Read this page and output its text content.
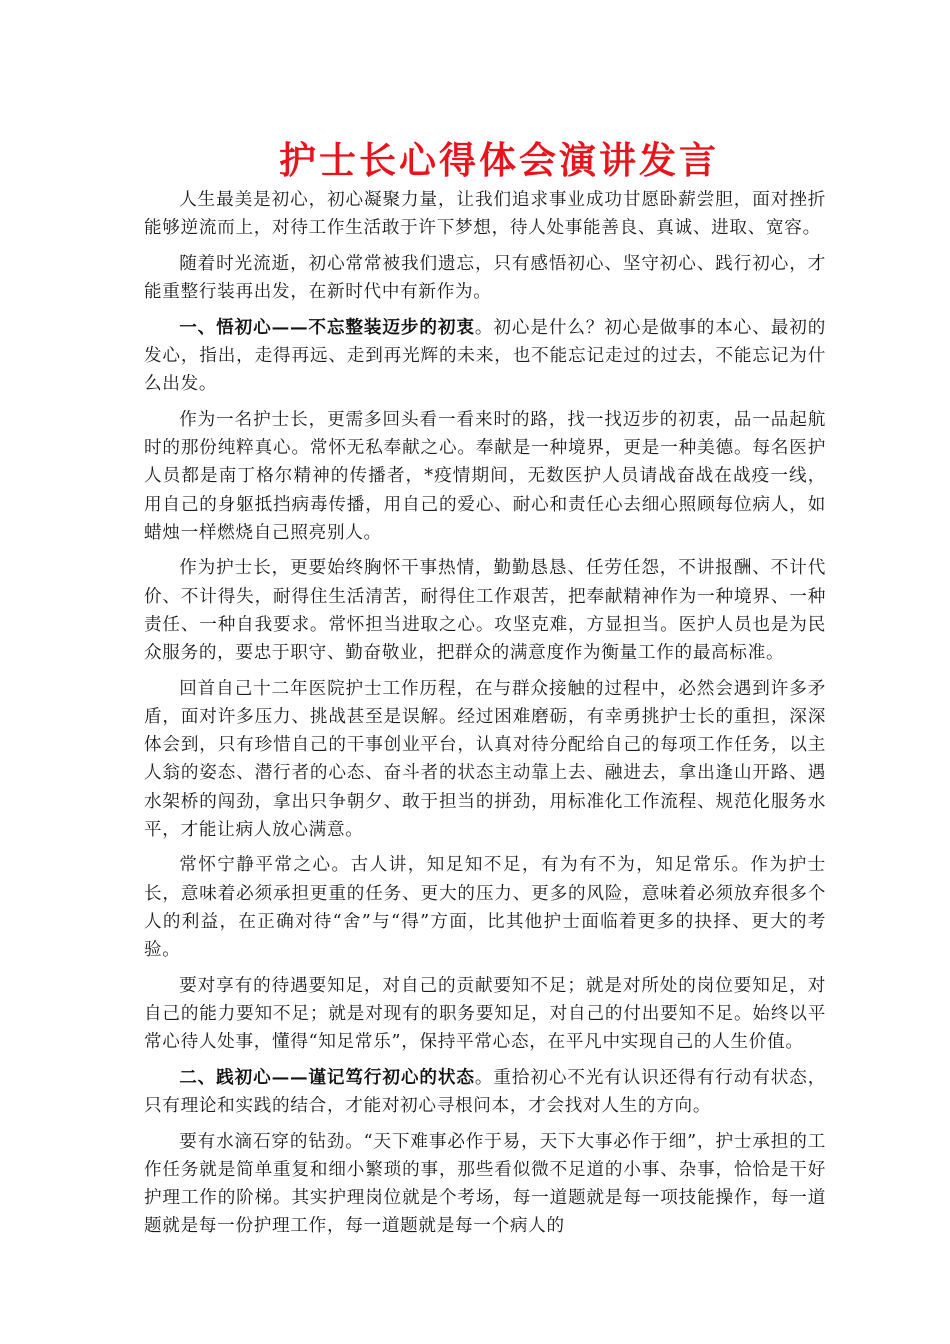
护士长心得体会演讲发言

人生最美是初心，初心凝聚力量，让我们追求事业成功甘愿卧薪尝胆，面对挫折能够逆流而上，对待工作生活敢于许下梦想，待人处事能善良、真诚、进取、宽容。

随着时光流逝，初心常常被我们遗忘，只有感悟初心、坚守初心、践行初心，才能重整行装再出发，在新时代中有新作为。

一、悟初心——不忘整装迈步的初衷。初心是什么？初心是做事的本心、最初的发心，指出，走得再远、走到再光辉的未来，也不能忘记走过的过去，不能忘记为什么出发。

作为一名护士长，更需多回头看一看来时的路，找一找迈步的初衷，品一品起航时的那份纯粹真心。常怀无私奉献之心。奉献是一种境界，更是一种美德。每名医护人员都是南丁格尔精神的传播者，*疫情期间，无数医护人员请战奋战在战疫一线，用自己的身躯抵挡病毒传播，用自己的爱心、耐心和责任心去细心照顾每位病人，如蜡烛一样燃烧自己照亮别人。

作为护士长，更要始终胸怀干事热情，勤勤恳恳、任劳任怨，不讲报酬、不计代价、不计得失，耐得住生活清苦，耐得住工作艰苦，把奉献精神作为一种境界、一种责任、一种自我要求。常怀担当进取之心。攻坚克难，方显担当。医护人员也是为民众服务的，要忠于职守、勤奋敬业，把群众的满意度作为衡量工作的最高标准。

回首自己十二年医院护士工作历程，在与群众接触的过程中，必然会遇到许多矛盾，面对许多压力、挑战甚至是误解。经过困难磨砺，有幸勇挑护士长的重担，深深体会到，只有珍惜自己的干事创业平台，认真对待分配给自己的每项工作任务，以主人翁的姿态、潜行者的心态、奋斗者的状态主动靠上去、融进去，拿出逢山开路、遇水架桥的闯劲，拿出只争朝夕、敢于担当的拼劲，用标准化工作流程、规范化服务水平，才能让病人放心满意。

常怀宁静平常之心。古人讲，知足知不足，有为有不为，知足常乐。作为护士长，意味着必须承担更重的任务、更大的压力、更多的风险，意味着必须放弃很多个人的利益，在正确对待“舍”与“得”方面，比其他护士面临着更多的抉择、更大的考验。

要对享有的待遇要知足，对自己的贡献要知不足；就是对所处的岗位要知足，对自己的能力要知不足；就是对现有的职务要知足，对自己的付出要知不足。始终以平常心待人处事，懂得“知足常乐”，保持平常心态，在平凡中实现自己的人生价值。

二、践初心——谨记笃行初心的状态。重拾初心不光有认识还得有行动有状态，只有理论和实践的结合，才能对初心寻根问本，才会找对人生的方向。

要有水滴石穿的钻劲。“天下难事必作于易，天下大事必作于细”，护士承担的工作任务就是简单重复和细小繁琐的事，那些看似微不足道的小事、杂事，恰恰是干好护理工作的阶梯。其实护理岗位就是个考场，每一道题就是每一项技能操作，每一道题就是每一份护理工作，每一道题就是每一个病人的
